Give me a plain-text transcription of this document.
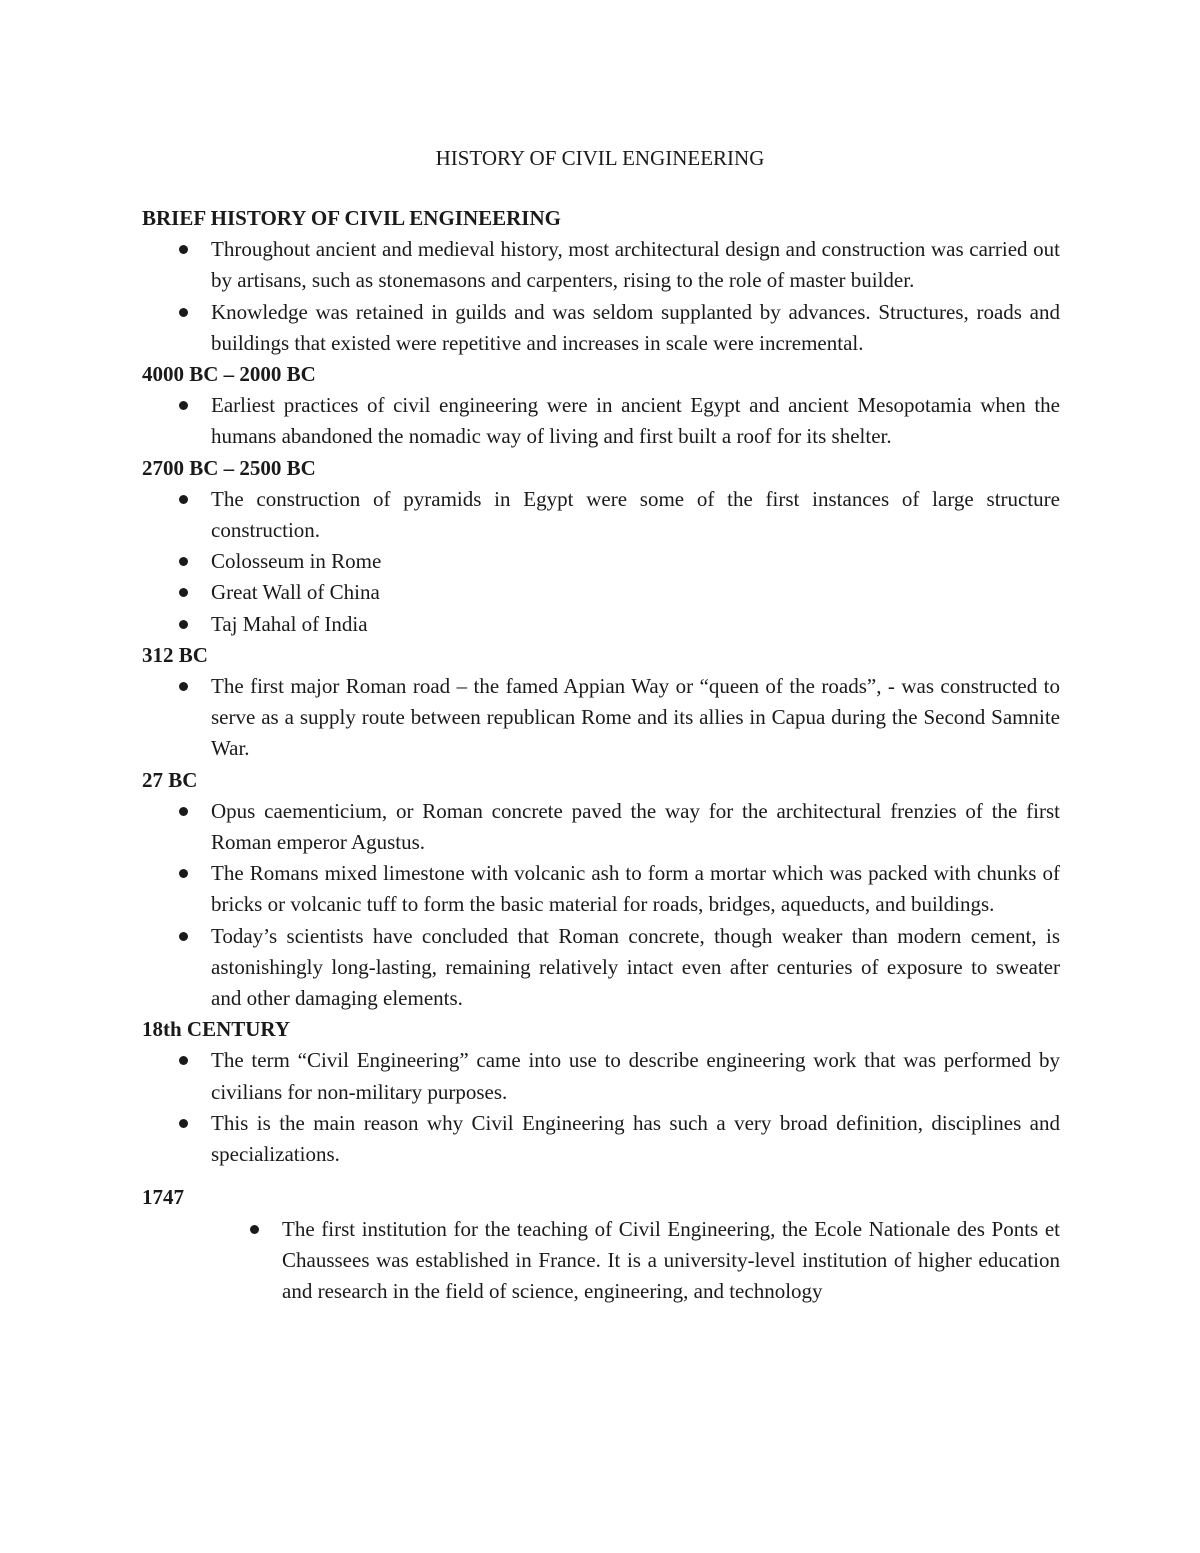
HISTORY OF CIVIL ENGINEERING

BRIEF HISTORY OF CIVIL ENGINEERING

Throughout ancient and medieval history, most architectural design and construction was carried out by artisans, such as stonemasons and carpenters, rising to the role of master builder.
Knowledge was retained in guilds and was seldom supplanted by advances. Structures, roads and buildings that existed were repetitive and increases in scale were incremental.

4000 BC – 2000 BC

Earliest practices of civil engineering were in ancient Egypt and ancient Mesopotamia when the humans abandoned the nomadic way of living and first built a roof for its shelter.

2700 BC – 2500 BC

The construction of pyramids in Egypt were some of the first instances of large structure construction.
Colosseum in Rome
Great Wall of China
Taj Mahal of India

312 BC

The first major Roman road – the famed Appian Way or “queen of the roads”, - was constructed to serve as a supply route between republican Rome and its allies in Capua during the Second Samnite War.

27 BC

Opus caementicium, or Roman concrete paved the way for the architectural frenzies of the first Roman emperor Agustus.
The Romans mixed limestone with volcanic ash to form a mortar which was packed with chunks of bricks or volcanic tuff to form the basic material for roads, bridges, aqueducts, and buildings.
Today’s scientists have concluded that Roman concrete, though weaker than modern cement, is astonishingly long-lasting, remaining relatively intact even after centuries of exposure to sweater and other damaging elements.

18th CENTURY

The term “Civil Engineering” came into use to describe engineering work that was performed by civilians for non-military purposes.
This is the main reason why Civil Engineering has such a very broad definition, disciplines and specializations.

1747

The first institution for the teaching of Civil Engineering, the Ecole Nationale des Ponts et Chaussees was established in France. It is a university-level institution of higher education and research in the field of science, engineering, and technology
